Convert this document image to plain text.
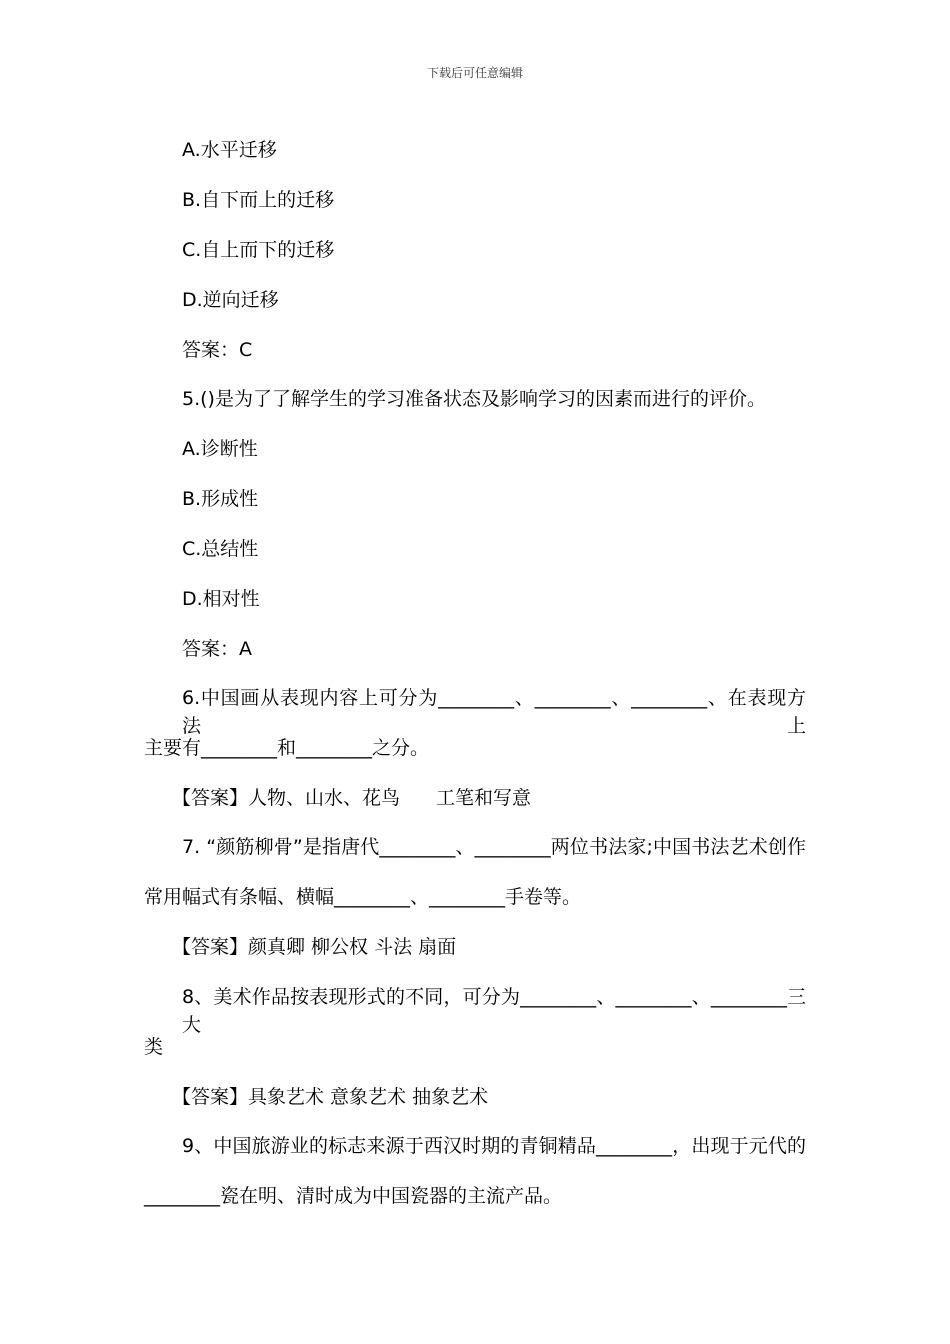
下载后可任意编辑
A.水平迁移
B.自下而上的迁移
C.自上而下的迁移
D.逆向迁移
答案：C
5.()是为了了解学生的学习准备状态及影响学习的因素而进行的评价。
A.诊断性
B.形成性
C.总结性
D.相对性
答案：A
6.中国画从表现内容上可分为________、________、________、在表现方法上
主要有________和________之分。
【答案】人物、山水、花鸟 工笔和写意
7. “颜筋柳骨”是指唐代________、________两位书法家;中国书法艺术创作
常用幅式有条幅、横幅________、________手卷等。
【答案】颜真卿 柳公权 斗法 扇面
8、美术作品按表现形式的不同，可分为________、________、________三大
类
【答案】具象艺术 意象艺术 抽象艺术
9、中国旅游业的标志来源于西汉时期的青铜精品________，出现于元代的
________瓷在明、清时成为中国瓷器的主流产品。
